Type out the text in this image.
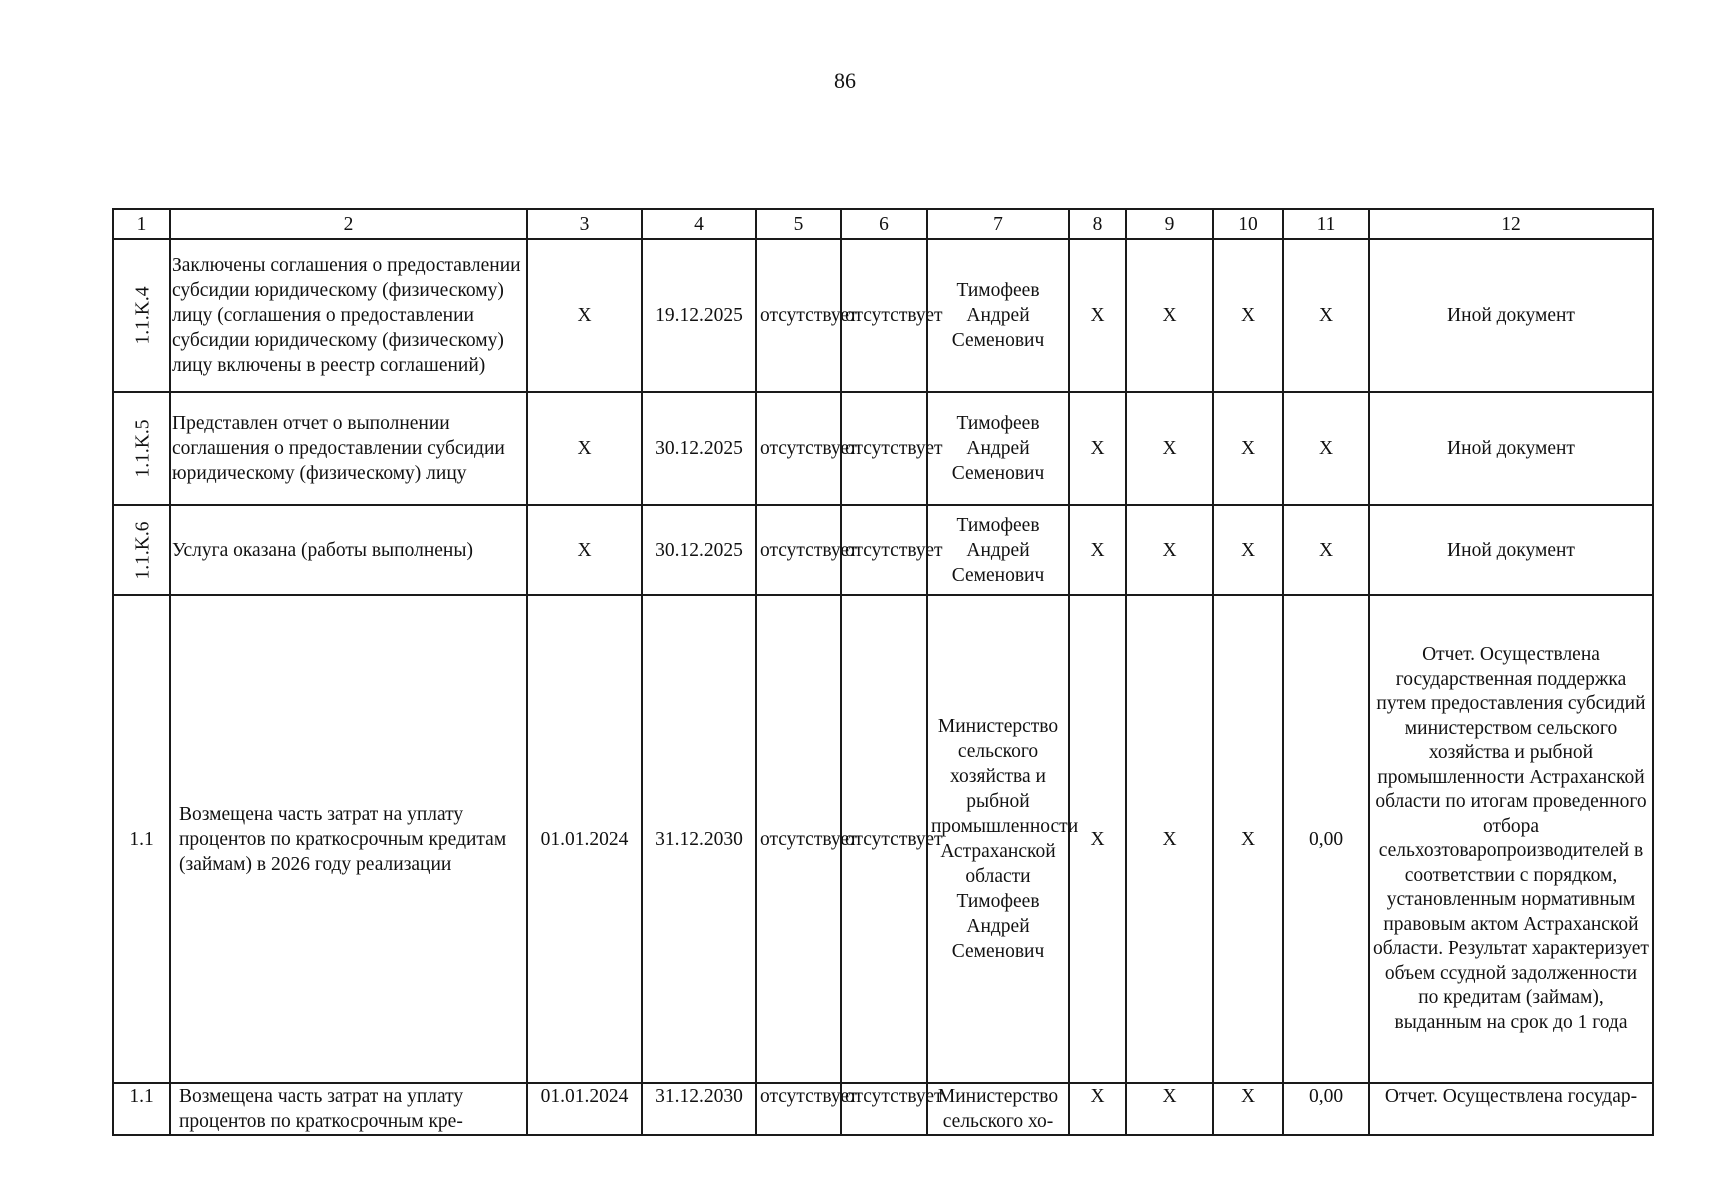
86
1	2	3	4	5	6	7	8	9	10	11	12
1.1.K.4	Заключены соглашения о предоставлении субсидии юридическому (физическому) лицу (соглашения о предоставлении субсидии юридическому (физическому) лицу включены в реестр соглашений)	X	19.12.2025	отсутствует	отсутствует	Тимофеев Андрей Семенович	X	X	X	X	Иной документ
1.1.K.5	Представлен отчет о выполнении соглашения о предоставлении субсидии юридическому (физическому) лицу	X	30.12.2025	отсутствует	отсутствует	Тимофеев Андрей Семенович	X	X	X	X	Иной документ
1.1.K.6	Услуга оказана (работы выполнены)	X	30.12.2025	отсутствует	отсутствует	Тимофеев Андрей Семенович	X	X	X	X	Иной документ
1.1	Возмещена часть затрат на уплату процентов по краткосрочным кредитам (займам) в 2026 году реализации	01.01.2024	31.12.2030	отсутствует	отсутствует	Министерство сельского хозяйства и рыбной промышленности Астраханской области Тимофеев Андрей Семенович	X	X	X	0,00	Отчет. Осуществлена государственная поддержка путем предоставления субсидий министерством сельского хозяйства и рыбной промышленности Астраханской области по итогам проведенного отбора сельхозтоваропроизводителей в соответствии с порядком, установленным нормативным правовым актом Астраханской области. Результат характеризует объем ссудной задолженности по кредитам (займам), выданным на срок до 1 года
1.1	Возмещена часть затрат на уплату процентов по краткосрочным кре-	01.01.2024	31.12.2030	отсутствует	отсутствует	Министерство сельского хо-	X	X	X	0,00	Отчет. Осуществлена государ-
